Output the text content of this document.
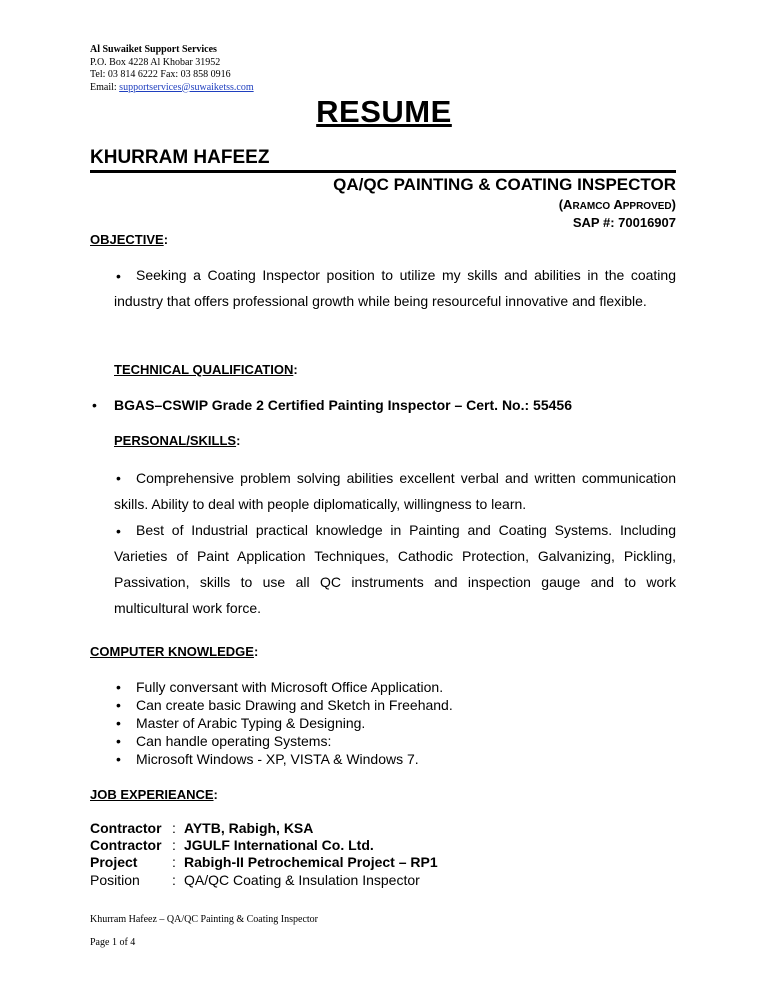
Al Suwaiket Support Services
P.O. Box 4228 Al Khobar 31952
Tel: 03 814 6222 Fax: 03 858 0916
Email: supportservices@suwaiketss.com
RESUME
KHURRAM HAFEEZ
QA/QC PAINTING & COATING INSPECTOR
(ARAMCO APPROVED)
SAP #: 70016907
OBJECTIVE:
•	Seeking a Coating Inspector position to utilize my skills and abilities in the coating industry that offers professional growth while being resourceful innovative and flexible.
TECHNICAL QUALIFICATION:
• BGAS–CSWIP Grade 2 Certified Painting Inspector – Cert. No.: 55456
PERSONAL/SKILLS:
•	Comprehensive problem solving abilities excellent verbal and written communication skills. Ability to deal with people diplomatically, willingness to learn.
•	Best of Industrial practical knowledge in Painting and Coating Systems. Including Varieties of Paint Application Techniques, Cathodic Protection, Galvanizing, Pickling, Passivation, skills to use all QC instruments and inspection gauge and to work multicultural work force.
COMPUTER KNOWLEDGE:
• Fully conversant with Microsoft Office Application.
• Can create basic Drawing and Sketch in Freehand.
• Master of Arabic Typing & Designing.
• Can handle operating Systems:
• Microsoft Windows - XP, VISTA & Windows 7.
JOB EXPERIEANCE:
Contractor : AYTB, Rabigh, KSA
Contractor : JGULF International Co. Ltd.
Project	: Rabigh-II Petrochemical Project – RP1
Position	: QA/QC Coating & Insulation Inspector
Khurram Hafeez – QA/QC Painting & Coating Inspector
Page 1 of 4
